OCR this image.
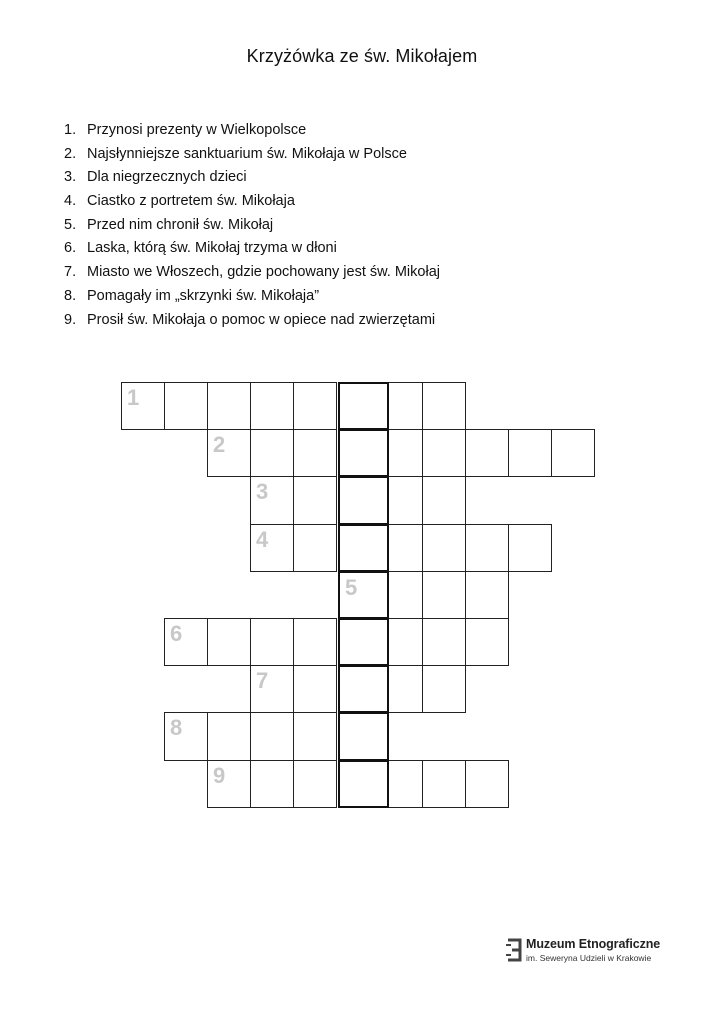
Krzyżówka ze św. Mikołajem
1. Przynosi prezenty w Wielkopolsce
2. Najsłynniejsze sanktuarium św. Mikołaja w Polsce
3. Dla niegrzecznych dzieci
4. Ciastko z portretem św. Mikołaja
5. Przed nim chronił św. Mikołaj
6. Laska, którą św. Mikołaj trzyma w dłoni
7. Miasto we Włoszech, gdzie pochowany jest św. Mikołaj
8. Pomagały im „skrzynki św. Mikołaja”
9. Prosił św. Mikołaja o pomoc w opiece nad zwierzętami
1
2
3
4
5
6
7
8
9
Muzeum Etnograficzne
im. Seweryna Udzieli w Krakowie
